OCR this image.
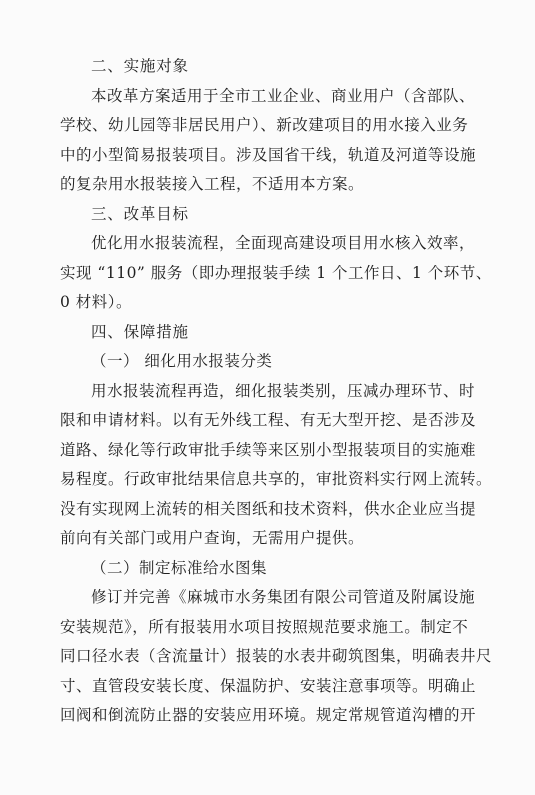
二、实施对象
本改革方案适用于全市工业企业、商业用户（含部队、
学校、幼儿园等非居民用户）、新改建项目的用水接入业务
中的小型简易报装项目。涉及国省干线，轨道及河道等设施
的复杂用水报装接入工程，不适用本方案。
三、改革目标
优化用水报装流程，全面现高建设项目用水核入效率，
实现 “110” 服务（即办理报装手续 1 个工作日、1 个环节、
0 材料）。
四、保障措施
（一） 细化用水报装分类
用水报装流程再造，细化报装类别，压减办理环节、时
限和申请材料。以有无外线工程、有无大型开挖、是否涉及
道路、绿化等行政审批手续等来区别小型报装项目的实施难
易程度。行政审批结果信息共享的，审批资料实行网上流转。
没有实现网上流转的相关图纸和技术资料，供水企业应当提
前向有关部门或用户查询，无需用户提供。
（二）制定标准给水图集
修订并完善《麻城市水务集团有限公司管道及附属设施
安装规范》，所有报装用水项目按照规范要求施工。制定不
同口径水表（含流量计）报装的水表井砌筑图集，明确表井尺
寸、直管段安装长度、保温防护、安装注意事项等。明确止
回阀和倒流防止器的安装应用环境。规定常规管道沟槽的开
